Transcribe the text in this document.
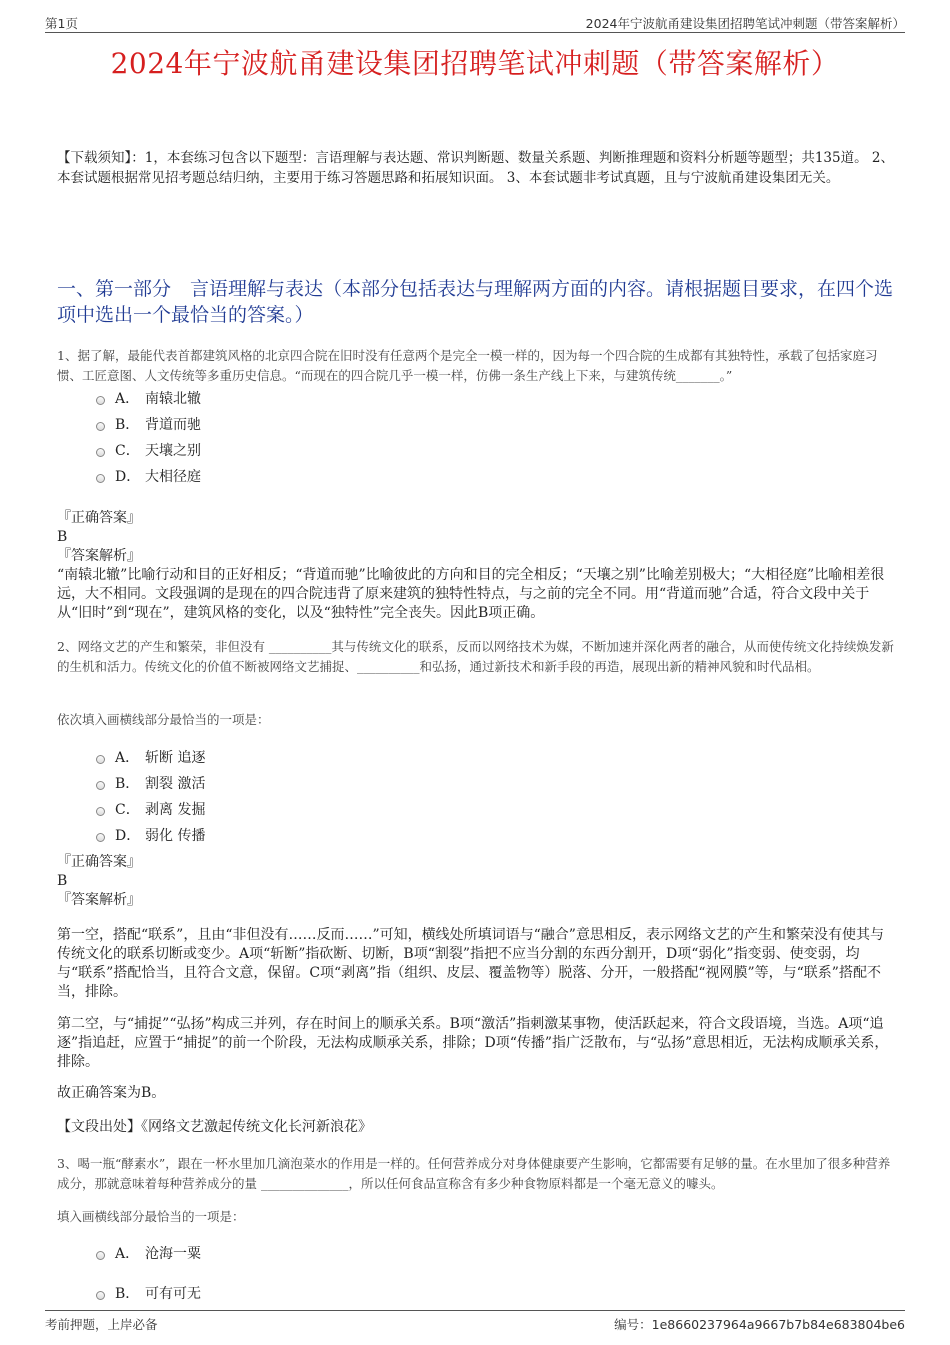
第1页	2024年宁波航甬建设集团招聘笔试冲刺题（带答案解析）
2024年宁波航甬建设集团招聘笔试冲刺题（带答案解析）
【下载须知】：1，本套练习包含以下题型：言语理解与表达题、常识判断题、数量关系题、判断推理题和资料分析题等题型；共135道。 2、本套试题根据常见招考题总结归纳，主要用于练习答题思路和拓展知识面。 3、本套试题非考试真题，且与宁波航甬建设集团无关。
一、第一部分　言语理解与表达（本部分包括表达与理解两方面的内容。请根据题目要求，在四个选项中选出一个最恰当的答案。）
1、据了解，最能代表首都建筑风格的北京四合院在旧时没有任意两个是完全一模一样的，因为每一个四合院的生成都有其独特性，承载了包括家庭习惯、工匠意图、人文传统等多重历史信息。“而现在的四合院几乎一模一样，仿佛一条生产线上下来，与建筑传统_______。”
A． 南辕北辙
B． 背道而驰
C． 天壤之别
D． 大相径庭
『正确答案』
B
『答案解析』
“南辕北辙”比喻行动和目的正好相反；“背道而驰”比喻彼此的方向和目的完全相反；“天壤之别”比喻差别极大；“大相径庭”比喻相差很远，大不相同。文段强调的是现在的四合院违背了原来建筑的独特性特点，与之前的完全不同。用“背道而驰”合适，符合文段中关于从“旧时”到“现在”，建筑风格的变化，以及“独特性”完全丧失。因此B项正确。
2、网络文艺的产生和繁荣，非但没有 __________其与传统文化的联系，反而以网络技术为媒，不断加速并深化两者的融合，从而使传统文化持续焕发新的生机和活力。传统文化的价值不断被网络文艺捕捉、__________和弘扬，通过新技术和新手段的再造，展现出新的精神风貌和时代品相。
依次填入画横线部分最恰当的一项是：
A． 斩断 追逐
B． 割裂 激活
C． 剥离 发掘
D． 弱化 传播
『正确答案』
B
『答案解析』
第一空，搭配“联系”，且由“非但没有……反而……”可知，横线处所填词语与“融合”意思相反，表示网络文艺的产生和繁荣没有使其与传统文化的联系切断或变少。A项“斩断”指砍断、切断，B项“割裂”指把不应当分割的东西分割开，D项“弱化”指变弱、使变弱，均与“联系”搭配恰当，且符合文意，保留。C项“剥离”指（组织、皮层、覆盖物等）脱落、分开，一般搭配“视网膜”等，与“联系”搭配不当，排除。
第二空，与“捕捉”“弘扬”构成三并列，存在时间上的顺承关系。B项“激活”指刺激某事物，使活跃起来，符合文段语境，当选。A项“追逐”指追赶，应置于“捕捉”的前一个阶段，无法构成顺承关系，排除；D项“传播”指广泛散布，与“弘扬”意思相近，无法构成顺承关系，排除。
故正确答案为B。
【文段出处】《网络文艺激起传统文化长河新浪花》
3、喝一瓶“酵素水”，跟在一杯水里加几滴泡菜水的作用是一样的。任何营养成分对身体健康要产生影响，它都需要有足够的量。在水里加了很多种营养成分，那就意味着每种营养成分的量 ______________，所以任何食品宣称含有多少种食物原料都是一个毫无意义的噱头。
填入画横线部分最恰当的一项是：
A． 沧海一粟
B． 可有可无
考前押题，上岸必备	编号：1e8660237964a9667b7b84e683804be6
